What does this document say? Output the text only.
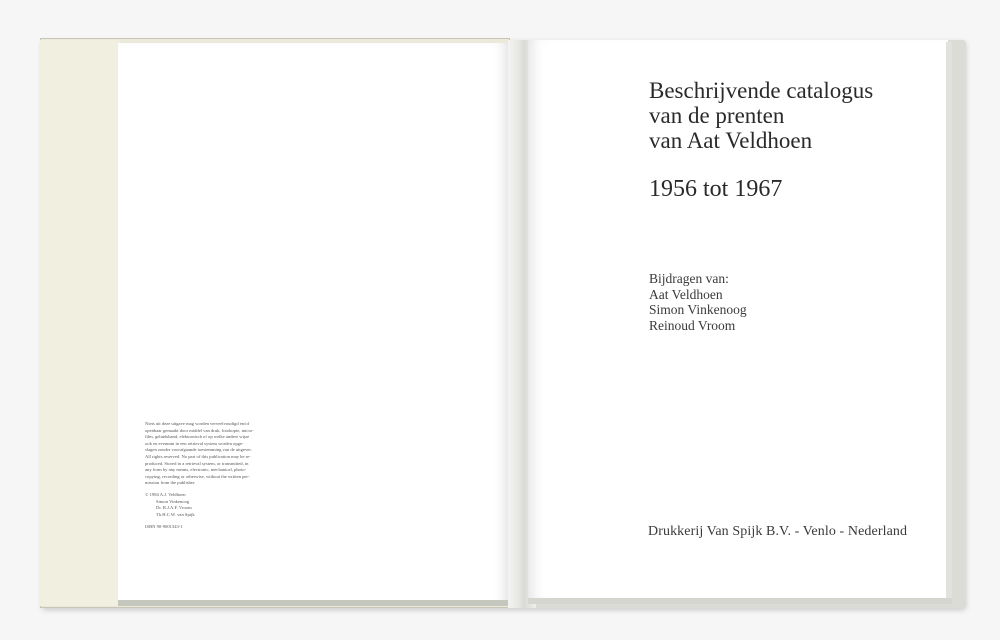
Niets uit deze uitgave mag worden verveelvoudigd en/of

openbaar gemaakt door middel van druk, fotokopie, micro-

film, geluidsband, elektronisch of op welke andere wijze

ook en evenmin in een retrieval system worden opge-

slagen zonder voorafgaande toestemming van de uitgever.

All rights reserved. No part of this publication may be re-

produced. Stored in a retrieval system, or transmitted, in

any form by any means, electronic, mechanical, photo-

copying, recording or otherwise, without the written per-

mission from the publisher.

© 1984 A.J. Veldhoen
Simon Vinkenoog
Dr. R.J.A.F. Vroom
Th.H.C.W. van Spijk
ISBN 90-9001343-1
Beschrijvende catalogus
van de prenten
van Aat Veldhoen
1956 tot 1967
Bijdragen van:
Aat Veldhoen
Simon Vinkenoog
Reinoud Vroom
Drukkerij Van Spijk B.V. - Venlo - Nederland
